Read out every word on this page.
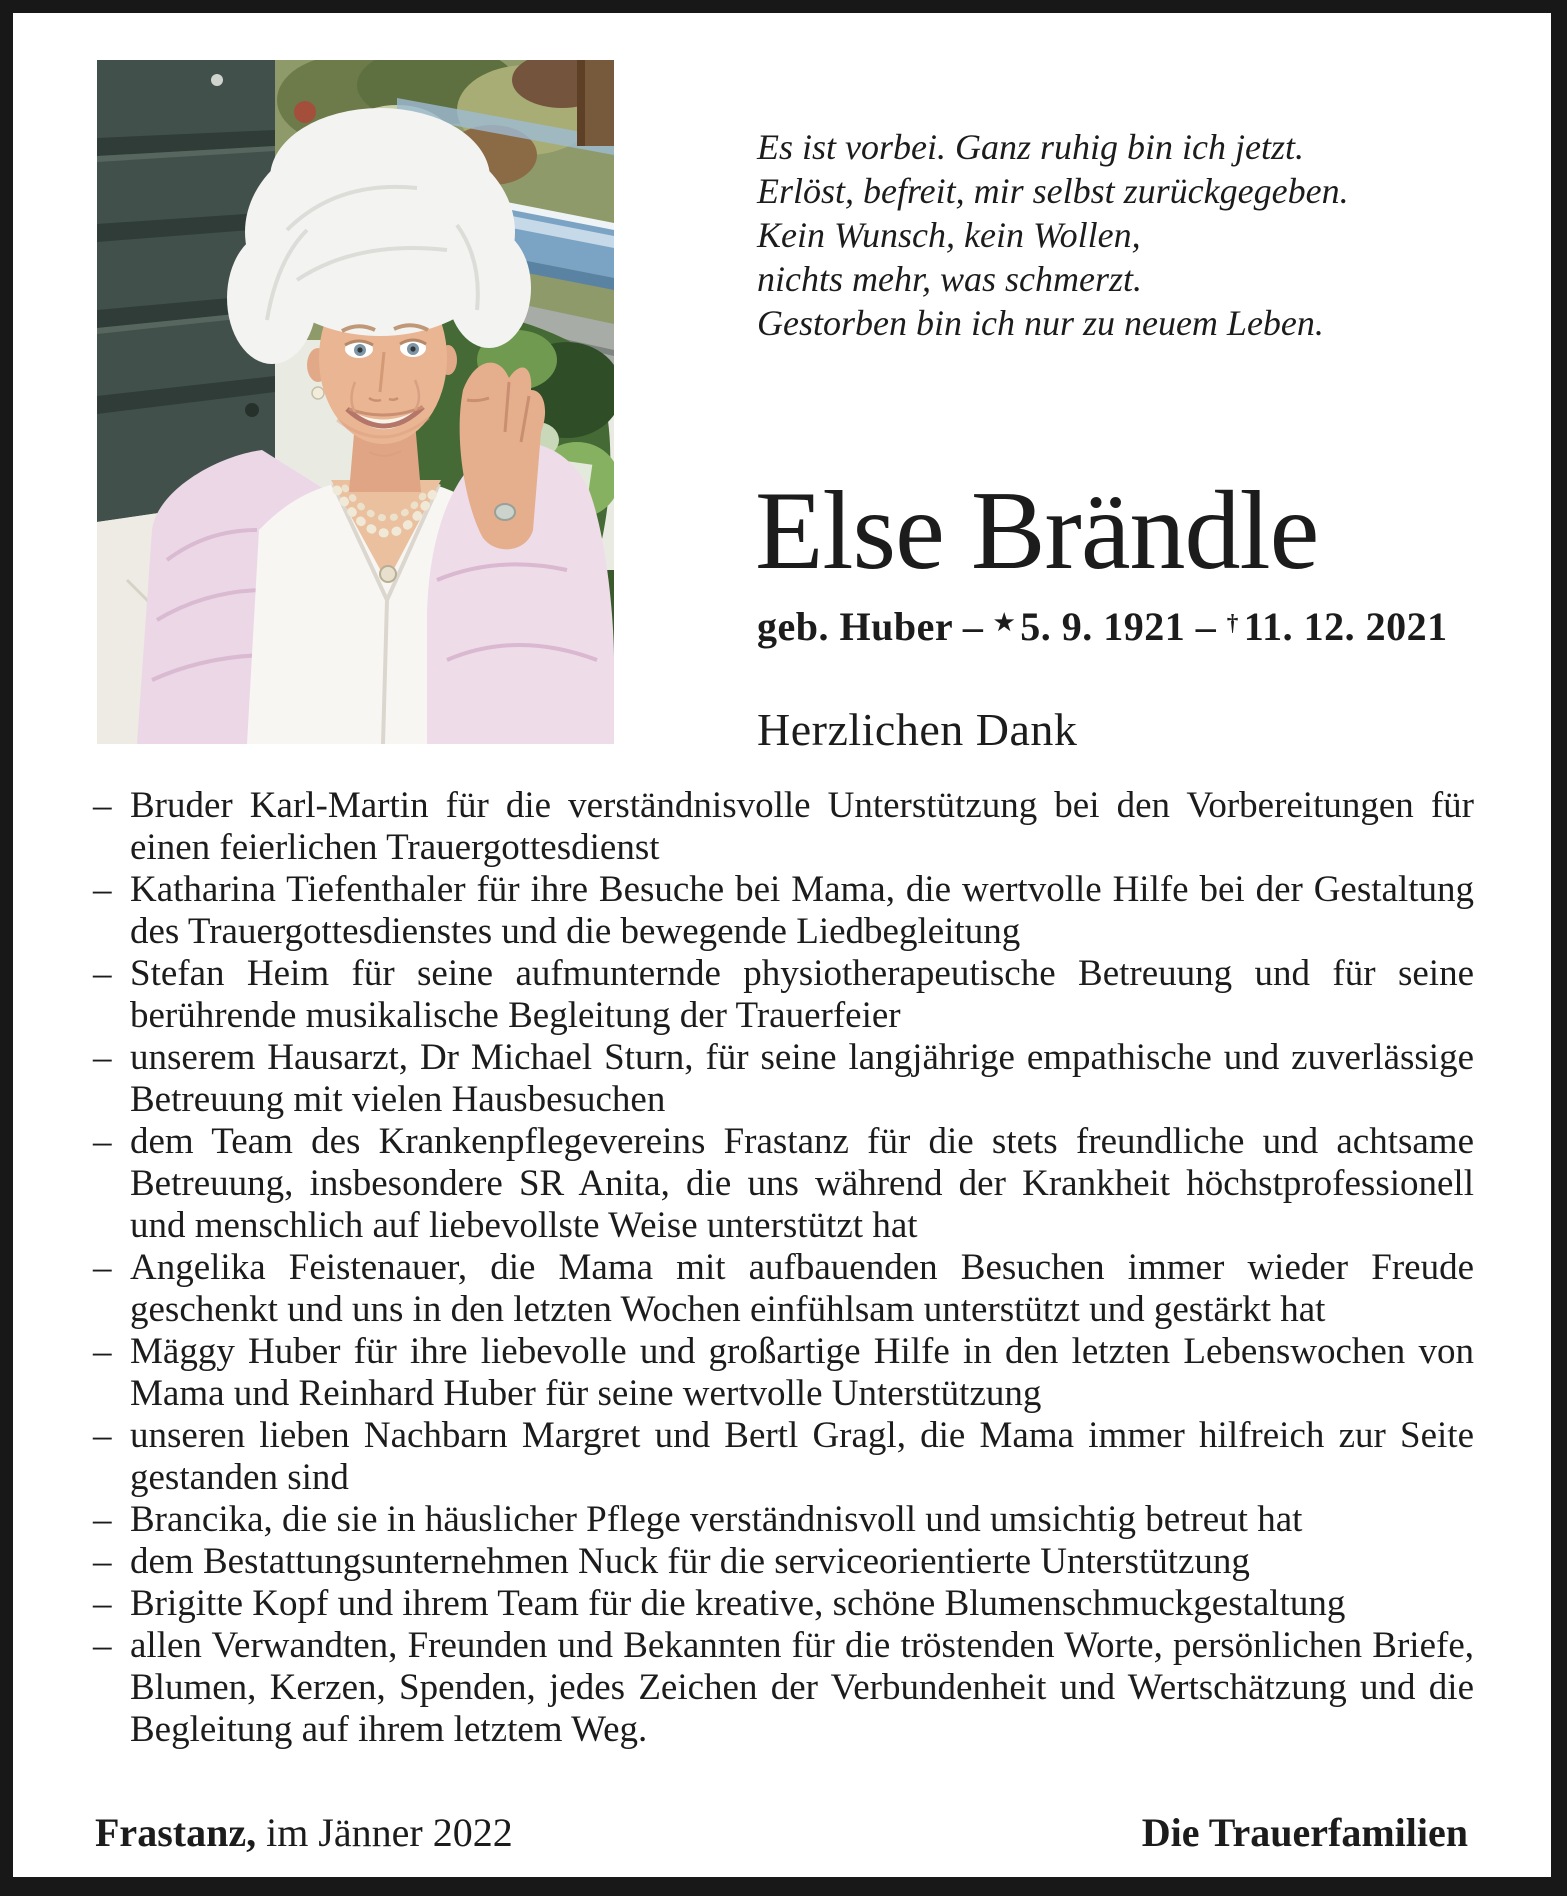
Es ist vorbei. Ganz ruhig bin ich jetzt.
Erlöst, befreit, mir selbst zurückgegeben.
Kein Wunsch, kein Wollen,
nichts mehr, was schmerzt.
Gestorben bin ich nur zu neuem Leben.
Else Brändle
geb. Huber – ★ 5. 9. 1921 – † 11. 12. 2021
Herzlichen Dank
– Bruder Karl-Martin für die verständnisvolle Unterstützung bei den Vorbereitungen für einen feierlichen Trauergottesdienst
– Katharina Tiefenthaler für ihre Besuche bei Mama, die wertvolle Hilfe bei der Gestaltung des Trauergottesdienstes und die bewegende Liedbegleitung
– Stefan Heim für seine aufmunternde physiotherapeutische Betreuung und für seine berührende musikalische Begleitung der Trauerfeier
– unserem Hausarzt, Dr Michael Sturn, für seine langjährige empathische und zuverlässige Betreuung mit vielen Hausbesuchen
– dem Team des Krankenpflegevereins Frastanz für die stets freundliche und achtsame Betreuung, insbesondere SR Anita, die uns während der Krankheit höchstprofessionell und menschlich auf liebevollste Weise unterstützt hat
– Angelika Feistenauer, die Mama mit aufbauenden Besuchen immer wieder Freude geschenkt und uns in den letzten Wochen einfühlsam unterstützt und gestärkt hat
– Mäggy Huber für ihre liebevolle und großartige Hilfe in den letzten Lebenswochen von Mama und Reinhard Huber für seine wertvolle Unterstützung
– unseren lieben Nachbarn Margret und Bertl Gragl, die Mama immer hilfreich zur Seite gestanden sind
– Brancika, die sie in häuslicher Pflege verständnisvoll und umsichtig betreut hat
– dem Bestattungsunternehmen Nuck für die serviceorientierte Unterstützung
– Brigitte Kopf und ihrem Team für die kreative, schöne Blumenschmuckgestaltung
– allen Verwandten, Freunden und Bekannten für die tröstenden Worte, persönlichen Briefe, Blumen, Kerzen, Spenden, jedes Zeichen der Verbundenheit und Wertschätzung und die Begleitung auf ihrem letztem Weg.
Frastanz, im Jänner 2022	Die Trauerfamilien
